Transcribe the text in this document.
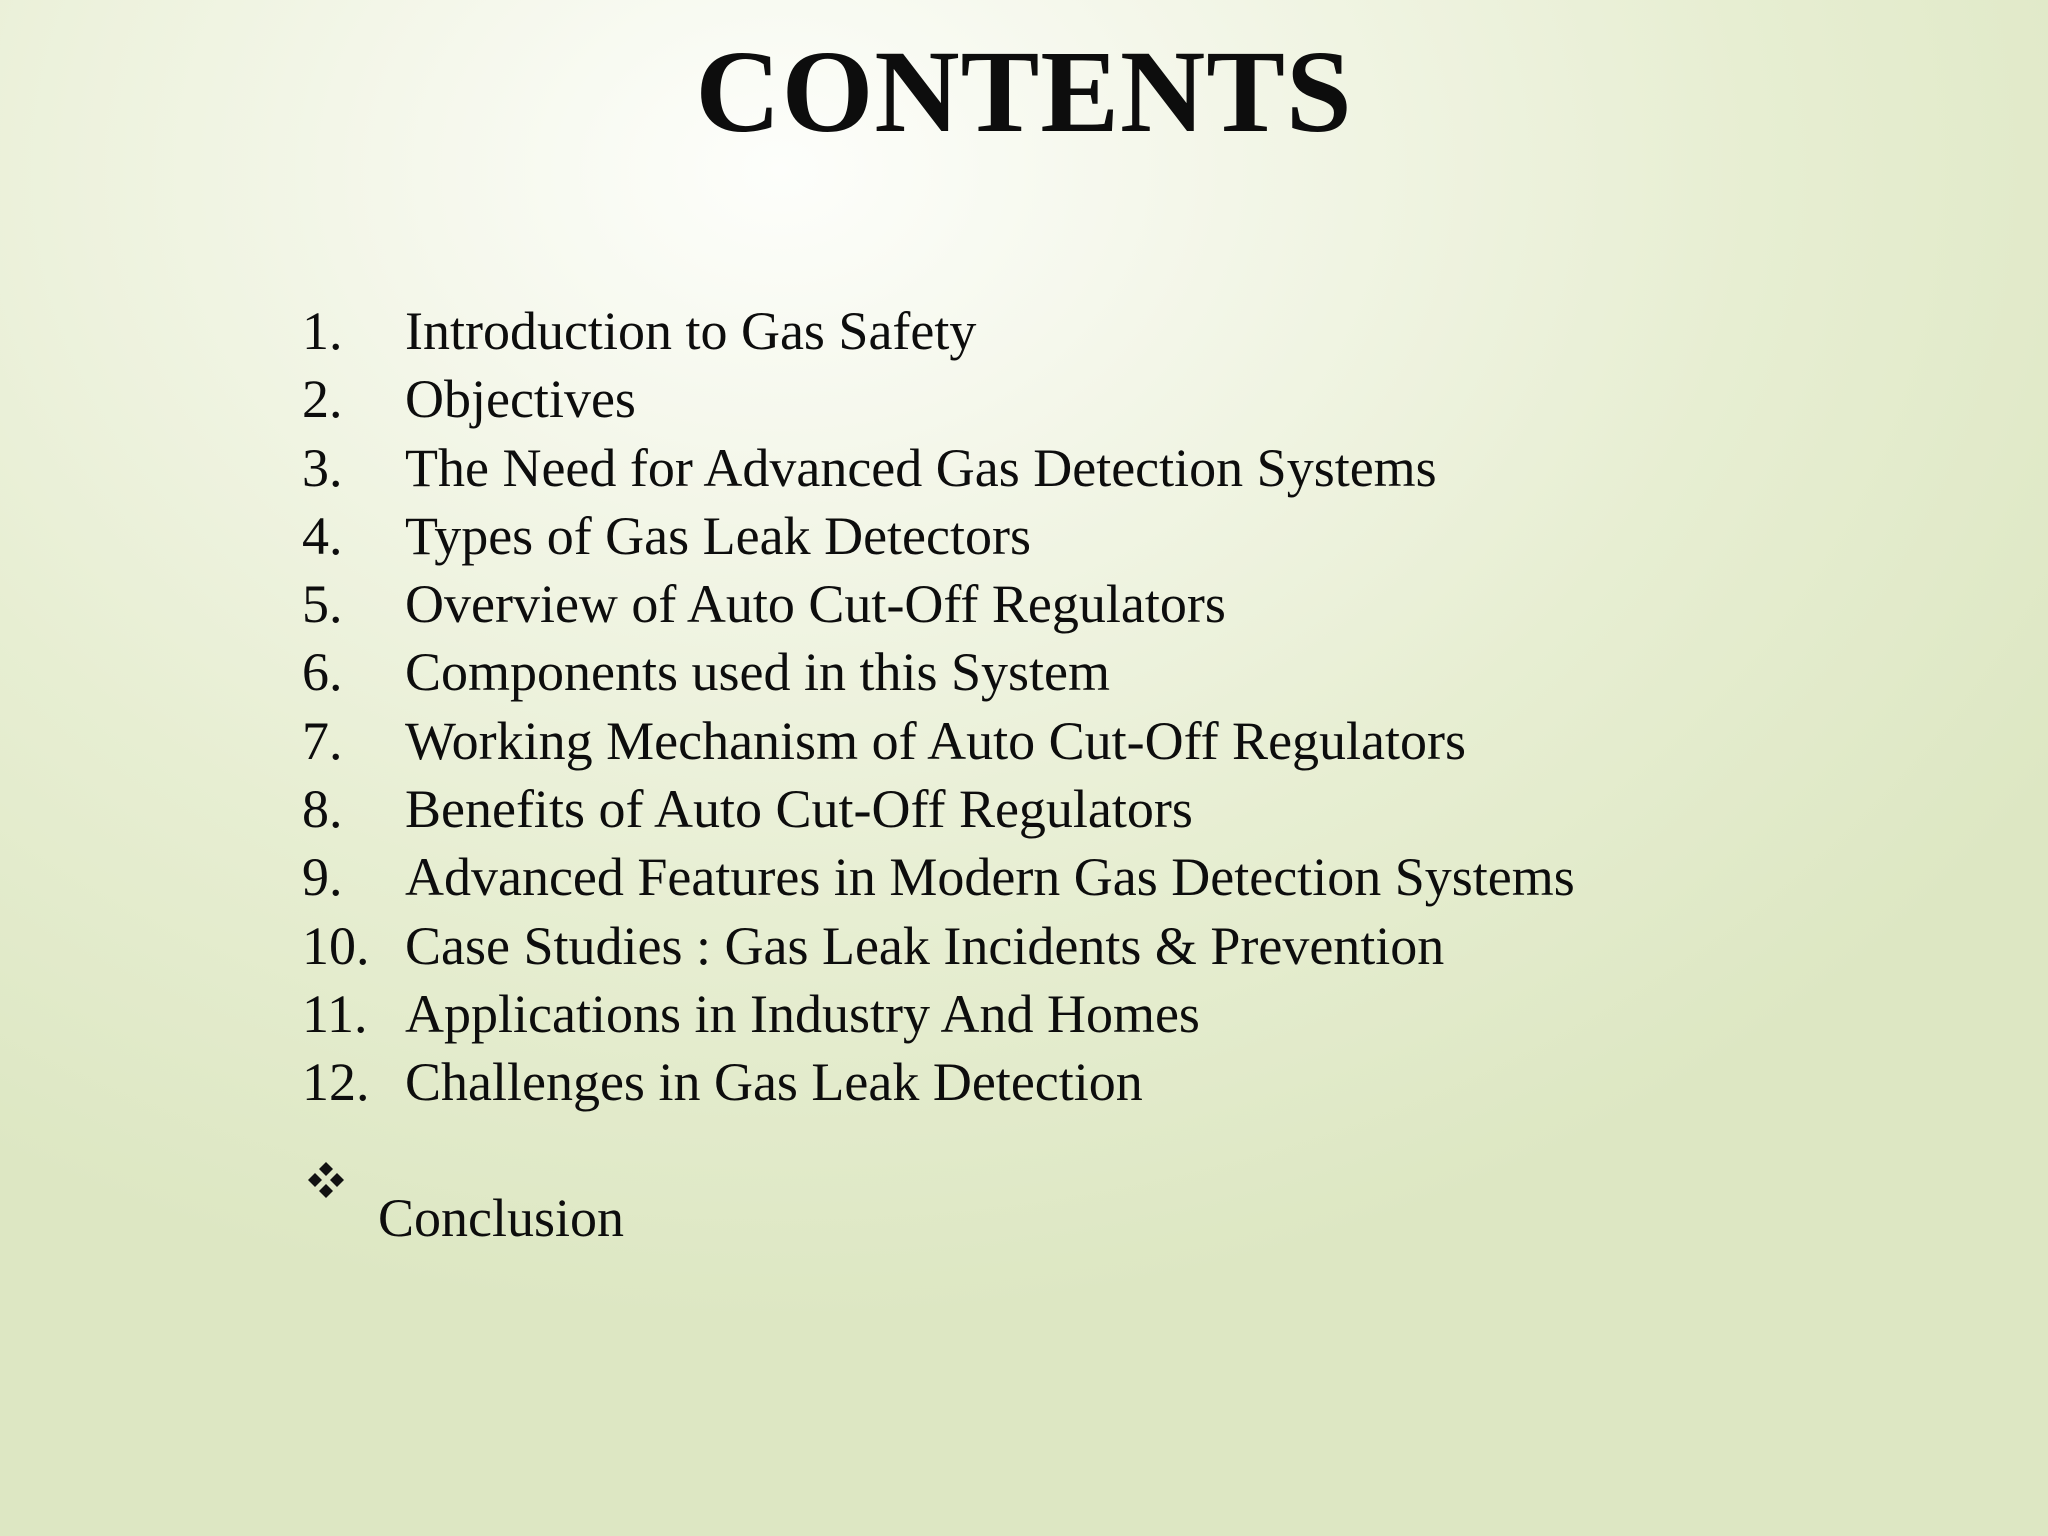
CONTENTS
1.	Introduction to Gas Safety
2.	Objectives
3.	The Need for Advanced Gas Detection Systems
4.	Types of Gas Leak Detectors
5.	Overview of Auto Cut-Off Regulators
6.	Components used in this System
7.	Working Mechanism of Auto Cut-Off Regulators
8.	Benefits of Auto Cut-Off Regulators
9.	Advanced Features in Modern Gas Detection Systems
10. Case Studies : Gas Leak Incidents & Prevention
11. Applications in Industry And Homes
12. Challenges in Gas Leak Detection
Conclusion
